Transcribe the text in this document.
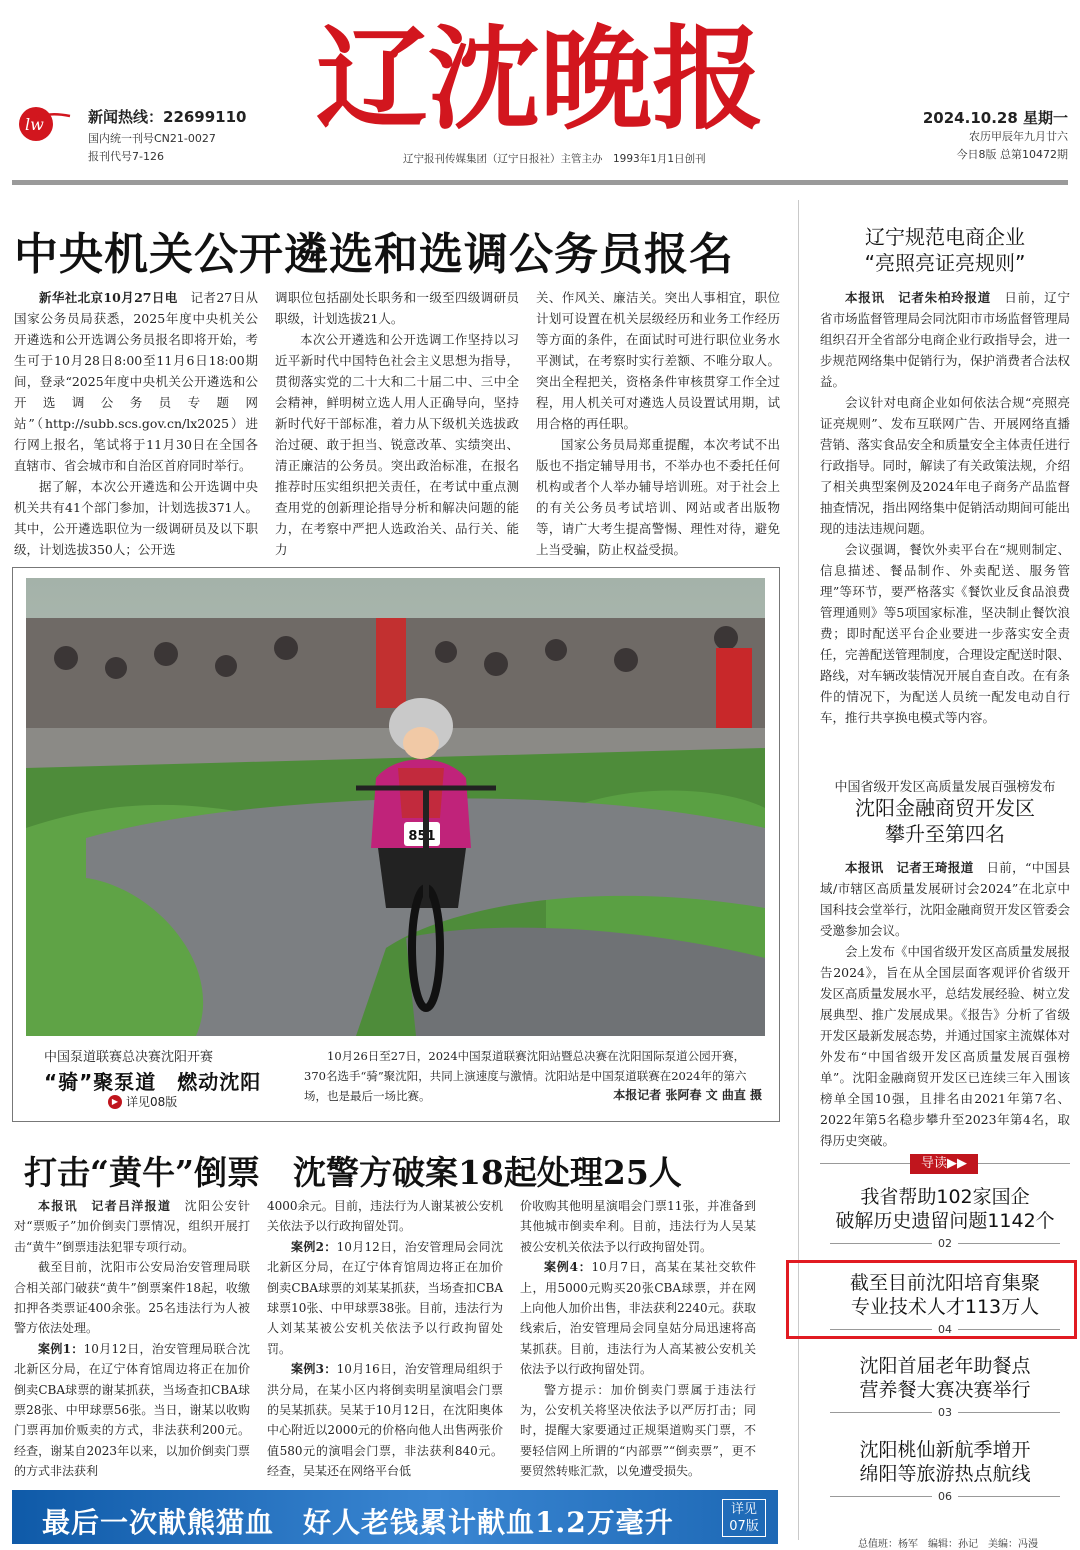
lw	新闻热线：22699110
国内统一刊号CN21-0027
报刊代号7-126
辽沈晚报
辽宁报刊传媒集团（辽宁日报社）主管主办　1993年1月1日创刊
2024.10.28 星期一
农历甲辰年九月廿六
今日8版 总第10472期
中央机关公开遴选和选调公务员报名

新华社北京10月27日电　 记者27日从国家公务员局获悉，2025年度中央机关公开遴选和公开选调公务员报名即将开始，考生可于10月28日8:00至11月6日18:00期间，登录“2025年度中央机关公开遴选和公开选调公务员专题网站”（http://subb.scs.gov.cn/lx2025）进行网上报名，笔试将于11月30日在全国各直辖市、省会城市和自治区首府同时举行。

据了解，本次公开遴选和公开选调中央机关共有41个部门参加，计划选拔371人。其中，公开遴选职位为一级调研员及以下职级，计划选拔350人；公开选

调职位包括副处长职务和一级至四级调研员职级，计划选拔21人。

本次公开遴选和公开选调工作坚持以习近平新时代中国特色社会主义思想为指导，贯彻落实党的二十大和二十届二中、三中全会精神，鲜明树立选人用人正确导向，坚持新时代好干部标准，着力从下级机关选拔政治过硬、敢于担当、锐意改革、实绩突出、清正廉洁的公务员。突出政治标准，在报名推荐时压实组织把关责任，在考试中重点测查用党的创新理论指导分析和解决问题的能力，在考察中严把人选政治关、品行关、能力

关、作风关、廉洁关。突出人事相宜，职位计划可设置在机关层级经历和业务工作经历等方面的条件，在面试时可进行职位业务水平测试，在考察时实行差额、不唯分取人。突出全程把关，资格条件审核贯穿工作全过程，用人机关可对遴选人员设置试用期，试用合格的再任职。

国家公务员局郑重提醒，本次考试不出版也不指定辅导用书，不举办也不委托任何机构或者个人举办辅导培训班。对于社会上的有关公务员考试培训、网站或者出版物等，请广大考生提高警惕、理性对待，避免上当受骗，防止权益受损。

851
中国泵道联赛总决赛沈阳开赛
“骑”聚泵道　燃动沈阳
▶ 详见08版
10月26日至27日，2024中国泵道联赛沈阳站暨总决赛在沈阳国际泵道公园开赛，370名选手“骑”聚沈阳，共同上演速度与激情。沈阳站是中国泵道联赛在2024年的第六场，也是最后一场比赛。	本报记者 张阿春 文 曲直 摄
打击“黄牛”倒票　沈警方破案18起处理25人

本报讯　记者吕洋报道　 沈阳公安针对“票贩子”加价倒卖门票情况，组织开展打击“黄牛”倒票违法犯罪专项行动。

截至目前，沈阳市公安局治安管理局联合相关部门破获“黄牛”倒票案件18起，收缴扣押各类票证400余张。25名违法行为人被警方依法处理。

案例1：10月12日，治安管理局联合沈北新区分局，在辽宁体育馆周边将正在加价倒卖CBA球票的谢某抓获，当场查扣CBA球票28张、中甲球票56张。当日，谢某以收购门票再加价贩卖的方式，非法获利200元。经查，谢某自2023年以来，以加价倒卖门票的方式非法获利

4000余元。目前，违法行为人谢某被公安机关依法予以行政拘留处罚。

案例2：10月12日，治安管理局会同沈北新区分局，在辽宁体育馆周边将正在加价倒卖CBA球票的刘某某抓获，当场查扣CBA球票10张、中甲球票38张。目前，违法行为人刘某某被公安机关依法予以行政拘留处罚。

案例3：10月16日，治安管理局组织于洪分局，在某小区内将倒卖明星演唱会门票的吴某抓获。吴某于10月12日，在沈阳奥体中心附近以2000元的价格向他人出售两张价值580元的演唱会门票，非法获利840元。经查，吴某还在网络平台低

价收购其他明星演唱会门票11张，并准备到其他城市倒卖牟利。目前，违法行为人吴某被公安机关依法予以行政拘留处罚。

案例4：10月7日，高某在某社交软件上，用5000元购买20张CBA球票，并在网上向他人加价出售，非法获利2240元。获取线索后，治安管理局会同皇姑分局迅速将高某抓获。目前，违法行为人高某被公安机关依法予以行政拘留处罚。

警方提示：加价倒卖门票属于违法行为，公安机关将坚决依法予以严厉打击；同时，提醒大家要通过正规渠道购买门票，不要轻信网上所谓的“内部票”“倒卖票”，更不要贸然转账汇款，以免遭受损失。

最后一次献熊猫血　好人老钱累计献血1.2万毫升	详见
07版
辽宁规范电商企业
“亮照亮证亮规则”

本报讯　记者朱柏玲报道　 日前，辽宁省市场监督管理局会同沈阳市市场监督管理局组织召开全省部分电商企业行政指导会，进一步规范网络集中促销行为，保护消费者合法权益。

会议针对电商企业如何依法合规“亮照亮证亮规则”、发布互联网广告、开展网络直播营销、落实食品安全和质量安全主体责任进行行政指导。同时，解读了有关政策法规，介绍了相关典型案例及2024年电子商务产品监督抽查情况，指出网络集中促销活动期间可能出现的违法违规问题。

会议强调，餐饮外卖平台在“规则制定、信息描述、餐品制作、外卖配送、服务管理”等环节，要严格落实《餐饮业反食品浪费管理通则》等5项国家标准，坚决制止餐饮浪费；即时配送平台企业要进一步落实安全责任，完善配送管理制度，合理设定配送时限、路线，对车辆改装情况开展自查自改。在有条件的情况下，为配送人员统一配发电动自行车，推行共享换电模式等内容。

中国省级开发区高质量发展百强榜发布
沈阳金融商贸开发区
攀升至第四名

本报讯　记者王琦报道　 日前，“中国县域/市辖区高质量发展研讨会2024”在北京中国科技会堂举行，沈阳金融商贸开发区管委会受邀参加会议。

会上发布《中国省级开发区高质量发展报告2024》，旨在从全国层面客观评价省级开发区高质量发展水平，总结发展经验、树立发展典型、推广发展成果。《报告》分析了省级开发区最新发展态势，并通过国家主流媒体对外发布“中国省级开发区高质量发展百强榜单”。沈阳金融商贸开发区已连续三年入围该榜单全国10强，且排名由2021年第7名、2022年第5名稳步攀升至2023年第4名，取得历史突破。

导读▶▶
我省帮助102家国企
破解历史遗留问题1142个
02
截至目前沈阳培育集聚
专业技术人才113万人
04
沈阳首届老年助餐点
营养餐大赛决赛举行
03
沈阳桃仙新航季增开
绵阳等旅游热点航线
06
总值班：杨军　编辑：孙记　美编：冯漫
